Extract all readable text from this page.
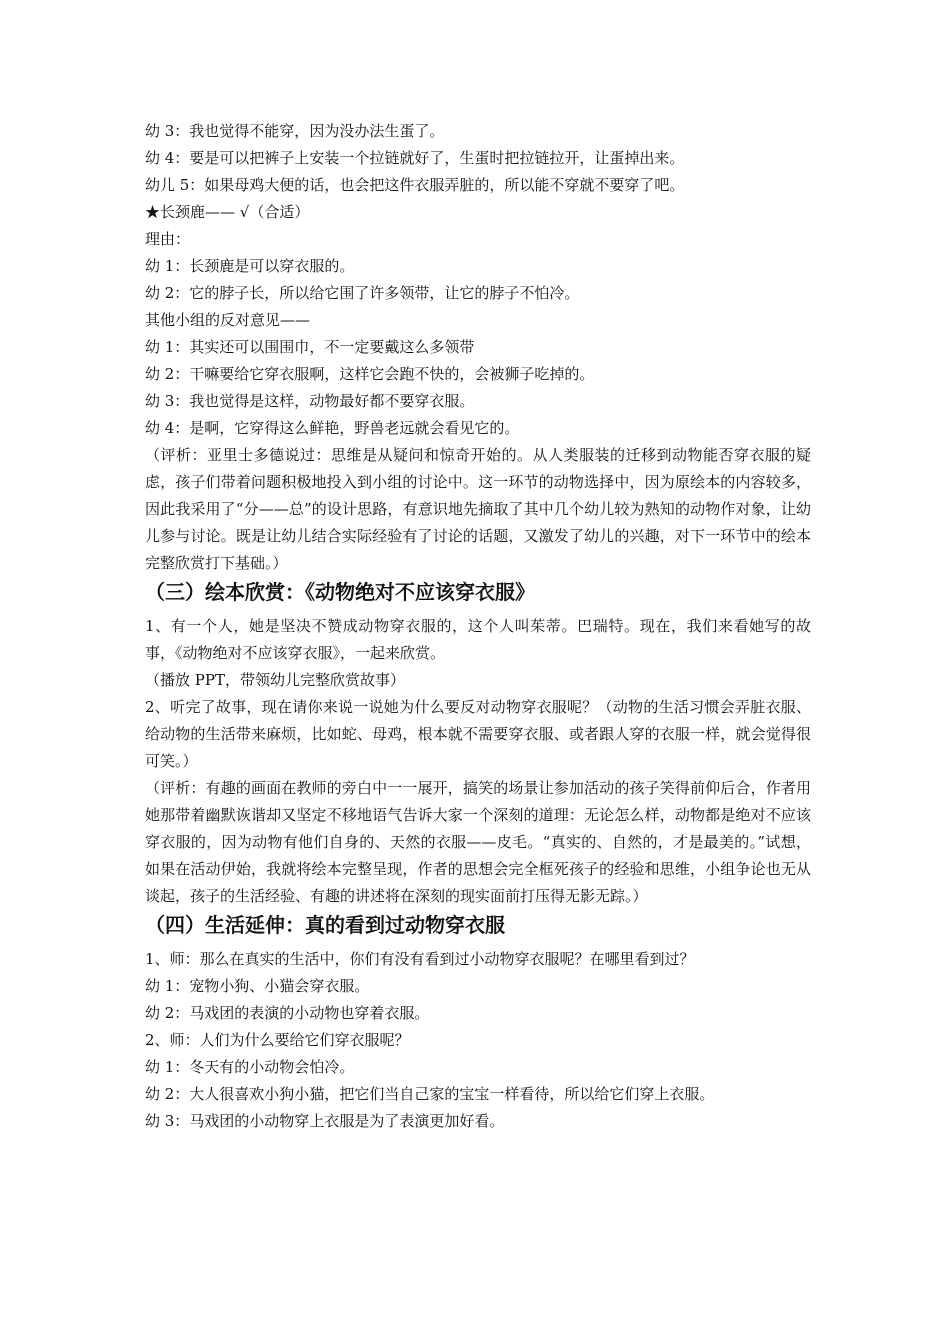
幼 3：我也觉得不能穿，因为没办法生蛋了。

幼 4：要是可以把裤子上安装一个拉链就好了，生蛋时把拉链拉开，让蛋掉出来。

幼儿 5：如果母鸡大便的话，也会把这件衣服弄脏的，所以能不穿就不要穿了吧。

★长颈鹿—— √（合适）

理由：

幼 1：长颈鹿是可以穿衣服的。

幼 2：它的脖子长，所以给它围了许多领带，让它的脖子不怕冷。

其他小组的反对意见——

幼 1：其实还可以围围巾，不一定要戴这么多领带

幼 2：干嘛要给它穿衣服啊，这样它会跑不快的，会被狮子吃掉的。

幼 3：我也觉得是这样，动物最好都不要穿衣服。

幼 4：是啊，它穿得这么鲜艳，野兽老远就会看见它的。

（评析：亚里士多德说过：思维是从疑问和惊奇开始的。从人类服装的迁移到动物能否穿衣服的疑虑，孩子们带着问题积极地投入到小组的讨论中。这一环节的动物选择中，因为原绘本的内容较多，因此我采用了“分——总”的设计思路，有意识地先摘取了其中几个幼儿较为熟知的动物作对象，让幼儿参与讨论。既是让幼儿结合实际经验有了讨论的话题，又激发了幼儿的兴趣，对下一环节中的绘本完整欣赏打下基础。）

（三）绘本欣赏：《动物绝对不应该穿衣服》

1、有一个人，她是坚决不赞成动物穿衣服的，这个人叫茱蒂。巴瑞特。现在，我们来看她写的故事，《动物绝对不应该穿衣服》，一起来欣赏。

（播放 PPT，带领幼儿完整欣赏故事）

2、听完了故事，现在请你来说一说她为什么要反对动物穿衣服呢？（动物的生活习惯会弄脏衣服、给动物的生活带来麻烦，比如蛇、母鸡，根本就不需要穿衣服、或者跟人穿的衣服一样，就会觉得很可笑。）

（评析：有趣的画面在教师的旁白中一一展开，搞笑的场景让参加活动的孩子笑得前仰后合，作者用她那带着幽默诙谐却又坚定不移地语气告诉大家一个深刻的道理：无论怎么样，动物都是绝对不应该穿衣服的，因为动物有他们自身的、天然的衣服——皮毛。“真实的、自然的，才是最美的。”试想，如果在活动伊始，我就将绘本完整呈现，作者的思想会完全框死孩子的经验和思维，小组争论也无从谈起，孩子的生活经验、有趣的讲述将在深刻的现实面前打压得无影无踪。）

（四）生活延伸：真的看到过动物穿衣服

1、师：那么在真实的生活中，你们有没有看到过小动物穿衣服呢？在哪里看到过？

幼 1：宠物小狗、小猫会穿衣服。

幼 2：马戏团的表演的小动物也穿着衣服。

2、师：人们为什么要给它们穿衣服呢？

幼 1：冬天有的小动物会怕冷。

幼 2：大人很喜欢小狗小猫，把它们当自己家的宝宝一样看待，所以给它们穿上衣服。

幼 3：马戏团的小动物穿上衣服是为了表演更加好看。
